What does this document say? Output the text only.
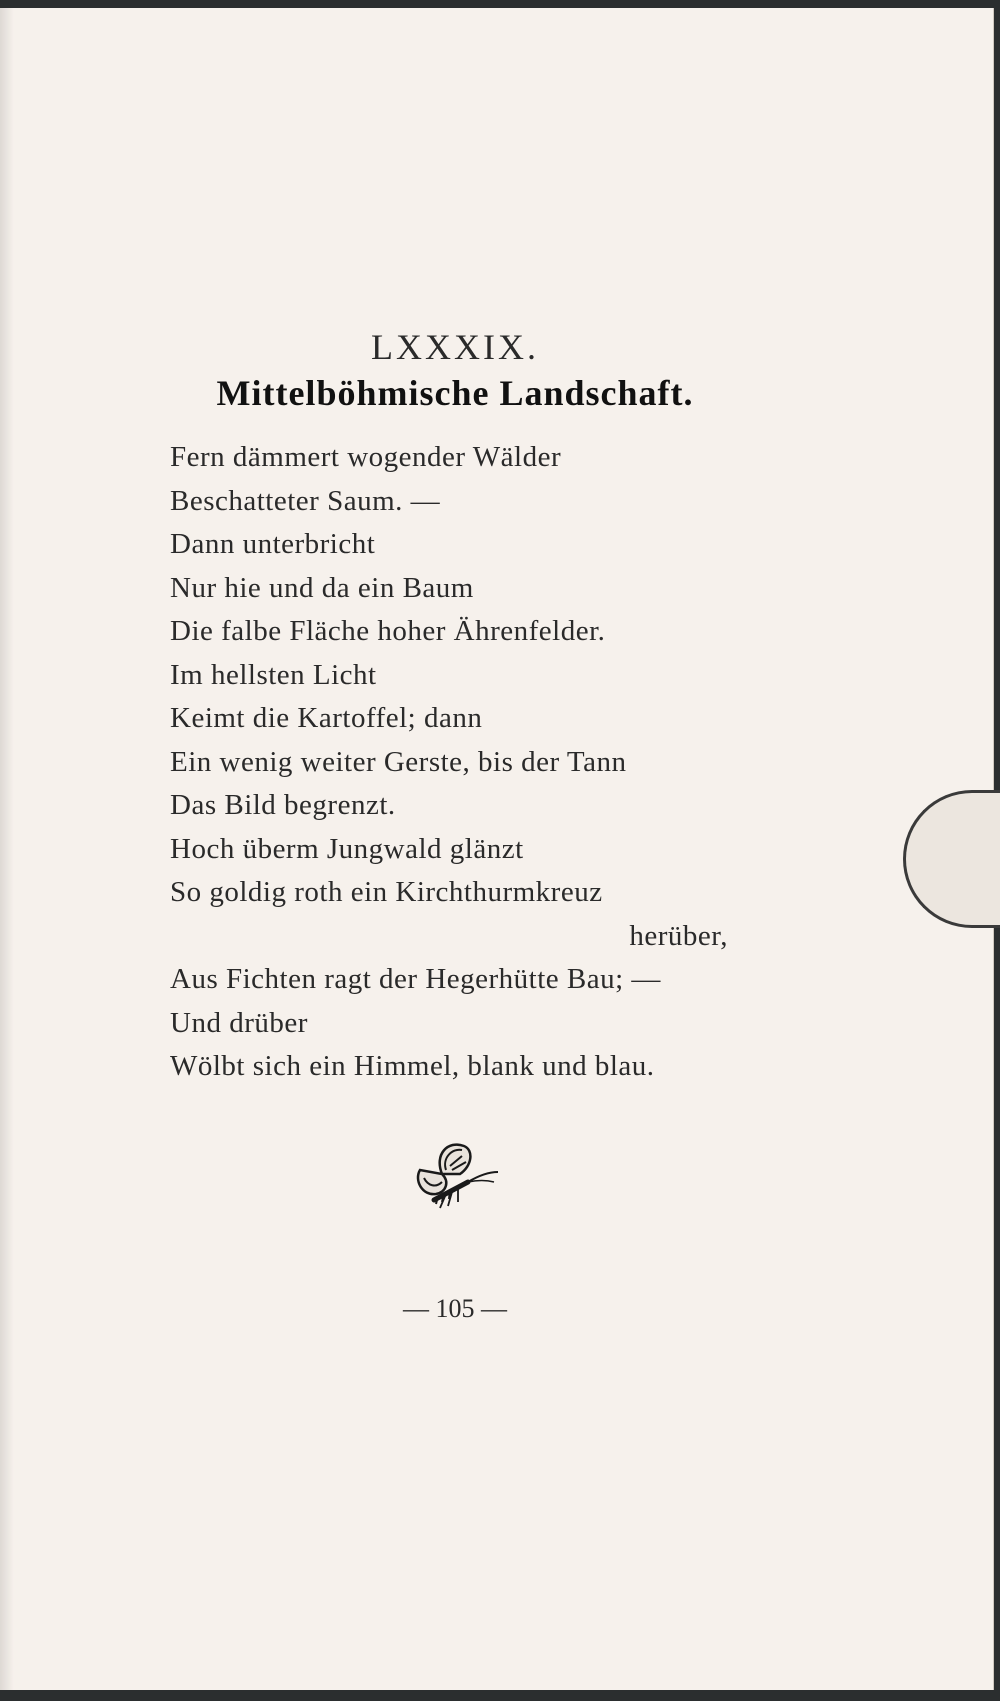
LXXXIX.
Mittelböhmische Landschaft.
Fern dämmert wogender Wälder
Beschatteter Saum. —
Dann unterbricht
Nur hie und da ein Baum
Die falbe Fläche hoher Ährenfelder.
Im hellsten Licht
Keimt die Kartoffel; dann
Ein wenig weiter Gerste, bis der Tann
Das Bild begrenzt.
Hoch überm Jungwald glänzt
So goldig roth ein Kirchthurmkreuz
herüber,
Aus Fichten ragt der Hegerhütte Bau; —
Und drüber
Wölbt sich ein Himmel, blank und blau.
— 105 —
